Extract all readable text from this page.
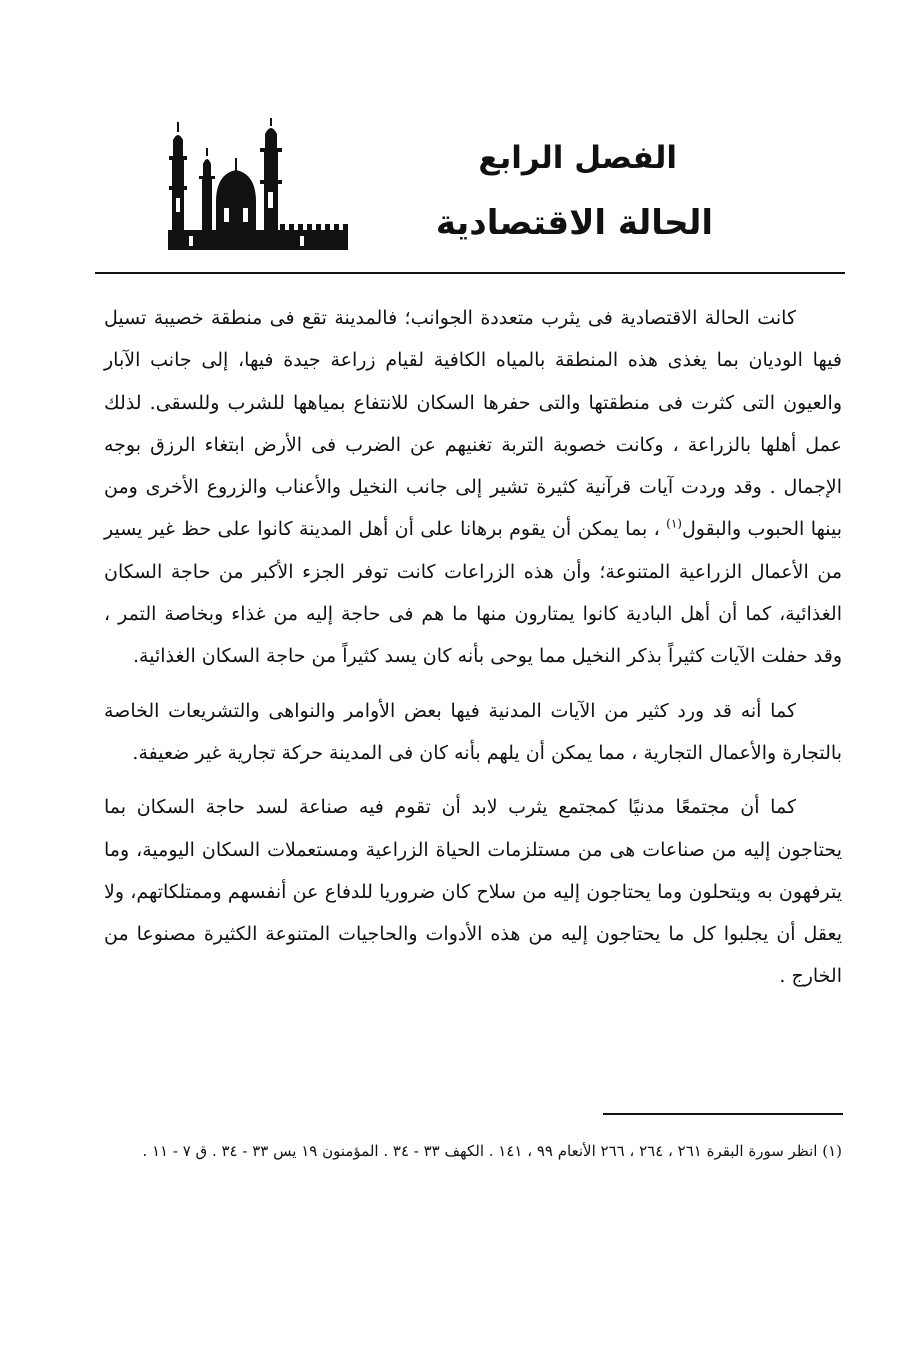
الفصل الرابع
الحالة الاقتصادية

كانت الحالة الاقتصادية فى يثرب متعددة الجوانب؛ فالمدينة تقع فى منطقة خصيبة تسيل فيها الوديان بما يغذى هذه المنطقة بالمياه الكافية لقيام زراعة جيدة فيها، إلى جانب الآبار والعيون التى كثرت فى منطقتها والتى حفرها السكان للانتفاع بمياهها للشرب وللسقى. لذلك عمل أهلها بالزراعة ، وكانت خصوبة التربة تغنيهم عن الضرب فى الأرض ابتغاء الرزق بوجه الإجمال . وقد وردت آيات قرآنية كثيرة تشير إلى جانب النخيل والأعناب والزروع الأخرى ومن بينها الحبوب والبقول$^{(١)}$ ، بما يمكن أن يقوم برهانا على أن أهل المدينة كانوا على حظ غير يسير من الأعمال الزراعية المتنوعة؛ وأن هذه الزراعات كانت توفر الجزء الأكبر من حاجة السكان الغذائية، كما أن أهل البادية كانوا يمتارون منها ما هم فى حاجة إليه من غذاء وبخاصة التمر ، وقد حفلت الآيات كثيراً بذكر النخيل مما يوحى بأنه كان يسد كثيراً من حاجة السكان الغذائية.

كما أنه قد ورد كثير من الآيات المدنية فيها بعض الأوامر والنواهى والتشريعات الخاصة بالتجارة والأعمال التجارية ، مما يمكن أن يلهم بأنه كان فى المدينة حركة تجارية غير ضعيفة.

كما أن مجتمعًا مدنيًا كمجتمع يثرب لابد أن تقوم فيه صناعة لسد حاجة السكان بما يحتاجون إليه من صناعات هى من مستلزمات الحياة الزراعية ومستعملات السكان اليومية، وما يترفهون به ويتحلون وما يحتاجون إليه من سلاح كان ضروريا للدفاع عن أنفسهم وممتلكاتهم، ولا يعقل أن يجلبوا كل ما يحتاجون إليه من هذه الأدوات والحاجيات المتنوعة الكثيرة مصنوعا من الخارج .

(١) انظر سورة البقرة ٢٦١ ، ٢٦٤ ، ٢٦٦ الأنعام ٩٩ ، ١٤١ . الكهف ٣٣ - ٣٤ . المؤمنون ١٩ يس ٣٣ - ٣٤ . ق ٧ - ١١ .
